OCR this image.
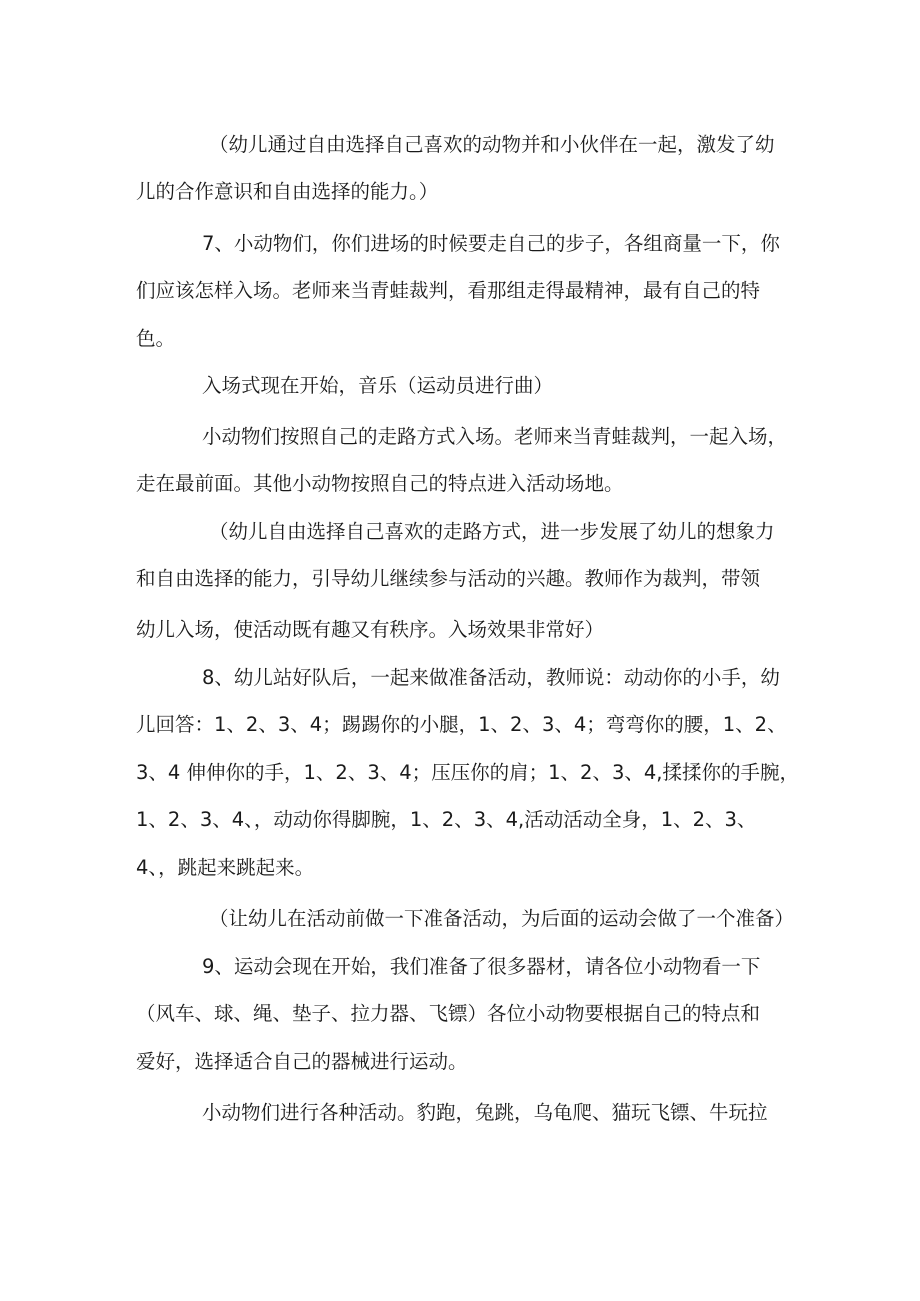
（幼儿通过自由选择自己喜欢的动物并和小伙伴在一起，激发了幼
儿的合作意识和自由选择的能力。）
7、小动物们，你们进场的时候要走自己的步子，各组商量一下，你
们应该怎样入场。老师来当青蛙裁判，看那组走得最精神，最有自己的特
色。
入场式现在开始，音乐（运动员进行曲）
小动物们按照自己的走路方式入场。老师来当青蛙裁判，一起入场，
走在最前面。其他小动物按照自己的特点进入活动场地。
（幼儿自由选择自己喜欢的走路方式，进一步发展了幼儿的想象力
和自由选择的能力，引导幼儿继续参与活动的兴趣。教师作为裁判，带领
幼儿入场，使活动既有趣又有秩序。入场效果非常好）
8、幼儿站好队后，一起来做准备活动，教师说：动动你的小手，幼
儿回答：1、2、3、4；踢踢你的小腿，1、2、3、4；弯弯你的腰，1、2、
3、4 伸伸你的手，1、2、3、4；压压你的肩；1、2、3、4,揉揉你的手腕，
1、2、3、4、，动动你得脚腕，1、2、3、4,活动活动全身，1、2、3、
4、，跳起来跳起来。
（让幼儿在活动前做一下准备活动，为后面的运动会做了一个准备）
9、运动会现在开始，我们准备了很多器材，请各位小动物看一下
（风车、球、绳、垫子、拉力器、飞镖）各位小动物要根据自己的特点和
爱好，选择适合自己的器械进行运动。
小动物们进行各种活动。豹跑，兔跳，乌龟爬、猫玩飞镖、牛玩拉
